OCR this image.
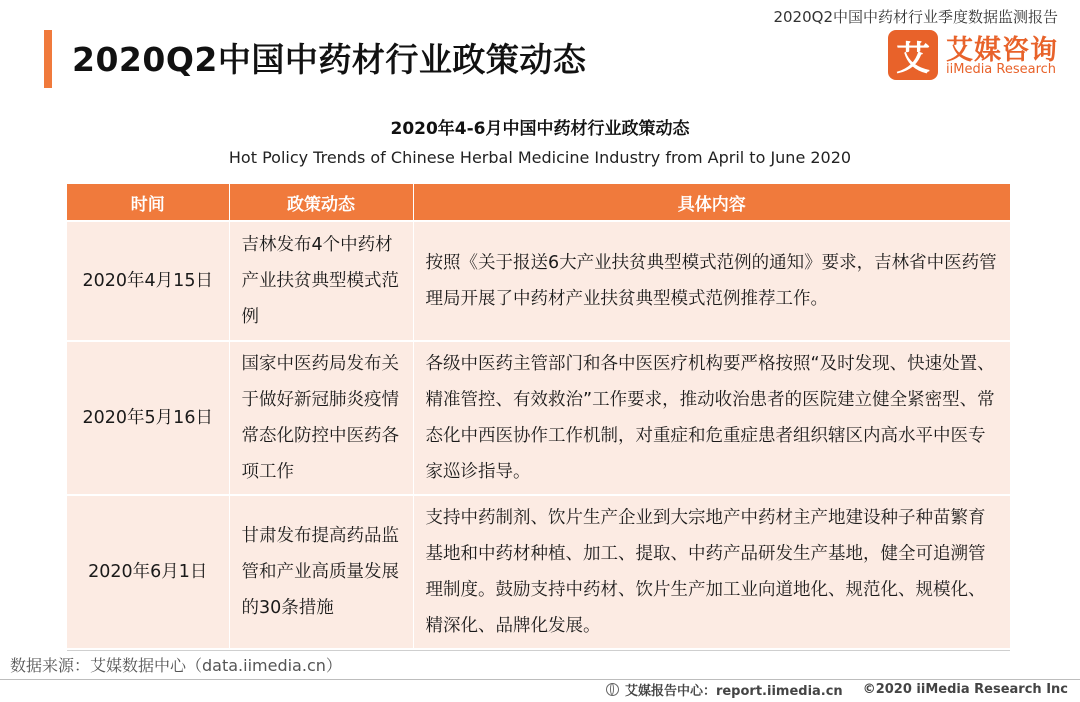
2020Q2中国中药材行业季度数据监测报告
2020Q2中国中药材行业政策动态	艾 艾媒咨询
iiMedia Research
2020年4-6月中国中药材行业政策动态
Hot Policy Trends of Chinese Herbal Medicine Industry from April to June 2020
时间	政策动态	具体内容
2020年4月15日	吉林发布4个中药材产业扶贫典型模式范例	按照《关于报送6大产业扶贫典型模式范例的通知》要求，吉林省中医药管理局开展了中药材产业扶贫典型模式范例推荐工作。
2020年5月16日	国家中医药局发布关于做好新冠肺炎疫情常态化防控中医药各项工作	各级中医药主管部门和各中医医疗机构要严格按照“及时发现、快速处置、精准管控、有效救治”工作要求，推动收治患者的医院建立健全紧密型、常态化中西医协作工作机制，对重症和危重症患者组织辖区内高水平中医专家巡诊指导。
2020年6月1日	甘肃发布提高药品监管和产业高质量发展的30条措施	支持中药制剂、饮片生产企业到大宗地产中药材主产地建设种子种苗繁育基地和中药材种植、加工、提取、中药产品研发生产基地，健全可追溯管理制度。鼓励支持中药材、饮片生产加工业向道地化、规范化、规模化、精深化、品牌化发展。
数据来源：艾媒数据中心（data.iimedia.cn）
艾媒报告中心：report.iimedia.cn ©2020 iiMedia Research Inc
